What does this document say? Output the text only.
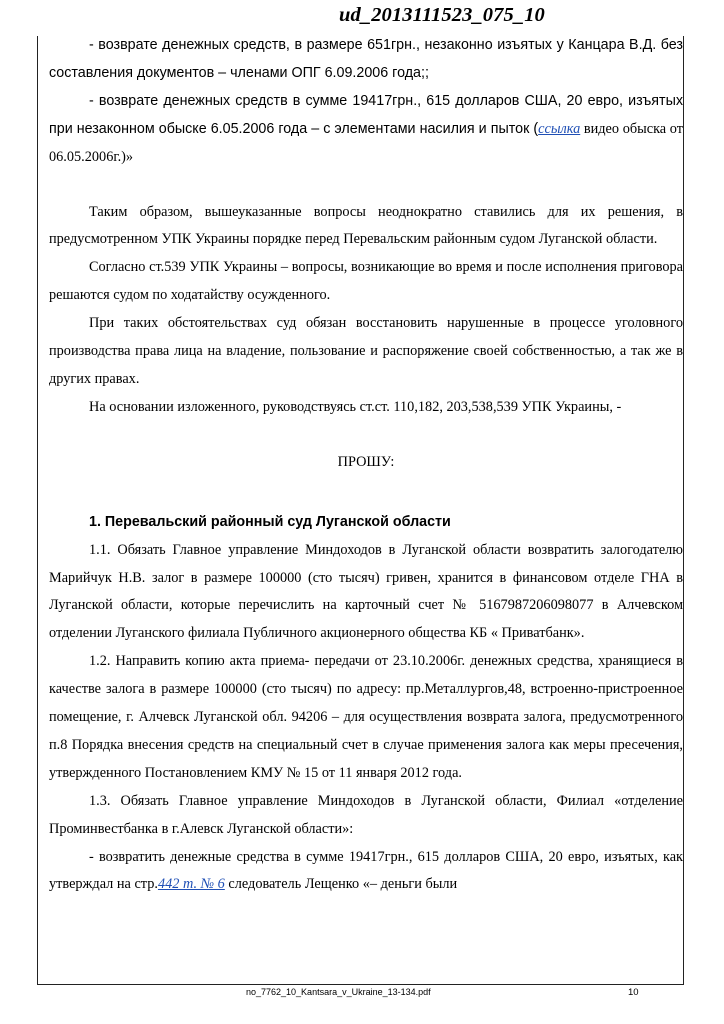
ud_2013111523_075_10

- возврате денежных средств, в размере 651грн., незаконно изъятых у Канцара В.Д. без составления документов – членами ОПГ 6.09.2006 года;;

- возврате денежных средств в сумме 19417грн., 615 долларов США, 20 евро, изъятых при незаконном обыске 6.05.2006 года – с элементами насилия и пыток (ссылка видео обыска от 06.05.2006г.)»

Таким образом, вышеуказанные вопросы неоднократно ставились для их решения, в предусмотренном УПК Украины порядке перед Перевальским районным судом Луганской области.

Согласно ст.539 УПК Украины – вопросы, возникающие во время и после исполнения приговора решаются судом по ходатайству осужденного.

При таких обстоятельствах суд обязан восстановить нарушенные в процессе уголовного производства права лица на владение, пользование и распоряжение своей собственностью, а так же в других правах.

На основании изложенного, руководствуясь ст.ст. 110,182, 203,538,539 УПК Украины, -

ПРОШУ:

1. Перевальский районный суд Луганской области

1.1. Обязать Главное управление Миндоходов в Луганской области возвратить залогодателю Марийчук Н.В. залог в размере 100000 (сто тысяч) гривен, хранится в финансовом отделе ГНА в Луганской области, которые перечислить на карточный счет № 5167987206098077 в Алчевском отделении Луганского филиала Публичного акционерного общества КБ « Приватбанк».

1.2. Направить копию акта приема- передачи от 23.10.2006г. денежных средства, хранящиеся в качестве залога в размере 100000 (сто тысяч) по адресу: пр.Металлургов,48, встроенно-пристроенное помещение, г. Алчевск Луганской обл. 94206 – для осуществления возврата залога, предусмотренного п.8 Порядка внесения средств на специальный счет в случае применения залога как меры пресечения, утвержденного Постановлением КМУ № 15 от 11 января 2012 года.

1.3. Обязать Главное управление Миндоходов в Луганской области, Филиал «отделение Проминвестбанка в г.Алевск Луганской области»:

- возвратить денежные средства в сумме 19417грн., 615 долларов США, 20 евро, изъятых, как утверждал на стр.442 т. № 6 следователь Лещенко «– деньги были

no_7762_10_Kantsara_v_Ukraine_13-134.pdf	10
